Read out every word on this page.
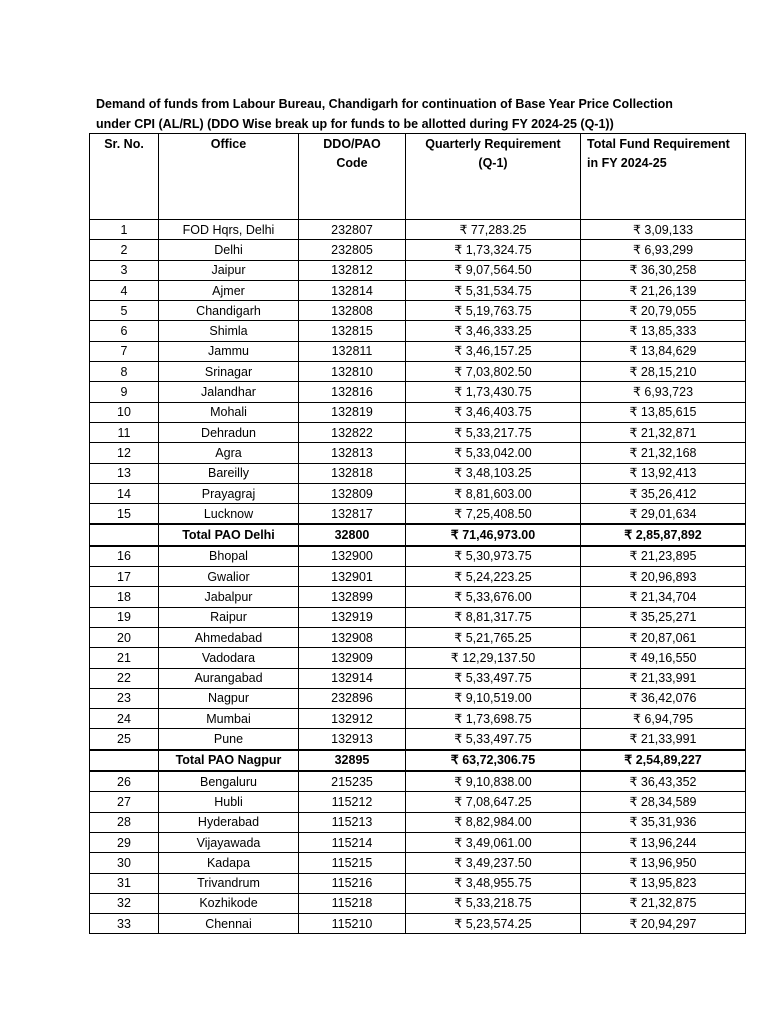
Demand of funds from Labour Bureau, Chandigarh for continuation of Base Year Price Collection
under CPI (AL/RL) (DDO Wise break up for funds to be allotted during FY 2024-25 (Q-1))
Sr. No.	Office	DDO/PAO Code	Quarterly Requirement (Q-1)	Total Fund Requirement in FY 2024-25
1	FOD Hqrs, Delhi	232807	₹ 77,283.25	₹ 3,09,133
2	Delhi	232805	₹ 1,73,324.75	₹ 6,93,299
3	Jaipur	132812	₹ 9,07,564.50	₹ 36,30,258
4	Ajmer	132814	₹ 5,31,534.75	₹ 21,26,139
5	Chandigarh	132808	₹ 5,19,763.75	₹ 20,79,055
6	Shimla	132815	₹ 3,46,333.25	₹ 13,85,333
7	Jammu	132811	₹ 3,46,157.25	₹ 13,84,629
8	Srinagar	132810	₹ 7,03,802.50	₹ 28,15,210
9	Jalandhar	132816	₹ 1,73,430.75	₹ 6,93,723
10	Mohali	132819	₹ 3,46,403.75	₹ 13,85,615
11	Dehradun	132822	₹ 5,33,217.75	₹ 21,32,871
12	Agra	132813	₹ 5,33,042.00	₹ 21,32,168
13	Bareilly	132818	₹ 3,48,103.25	₹ 13,92,413
14	Prayagraj	132809	₹ 8,81,603.00	₹ 35,26,412
15	Lucknow	132817	₹ 7,25,408.50	₹ 29,01,634
	Total PAO Delhi	32800	₹ 71,46,973.00	₹ 2,85,87,892
16	Bhopal	132900	₹ 5,30,973.75	₹ 21,23,895
17	Gwalior	132901	₹ 5,24,223.25	₹ 20,96,893
18	Jabalpur	132899	₹ 5,33,676.00	₹ 21,34,704
19	Raipur	132919	₹ 8,81,317.75	₹ 35,25,271
20	Ahmedabad	132908	₹ 5,21,765.25	₹ 20,87,061
21	Vadodara	132909	₹ 12,29,137.50	₹ 49,16,550
22	Aurangabad	132914	₹ 5,33,497.75	₹ 21,33,991
23	Nagpur	232896	₹ 9,10,519.00	₹ 36,42,076
24	Mumbai	132912	₹ 1,73,698.75	₹ 6,94,795
25	Pune	132913	₹ 5,33,497.75	₹ 21,33,991
	Total PAO Nagpur	32895	₹ 63,72,306.75	₹ 2,54,89,227
26	Bengaluru	215235	₹ 9,10,838.00	₹ 36,43,352
27	Hubli	115212	₹ 7,08,647.25	₹ 28,34,589
28	Hyderabad	115213	₹ 8,82,984.00	₹ 35,31,936
29	Vijayawada	115214	₹ 3,49,061.00	₹ 13,96,244
30	Kadapa	115215	₹ 3,49,237.50	₹ 13,96,950
31	Trivandrum	115216	₹ 3,48,955.75	₹ 13,95,823
32	Kozhikode	115218	₹ 5,33,218.75	₹ 21,32,875
33	Chennai	115210	₹ 5,23,574.25	₹ 20,94,297
